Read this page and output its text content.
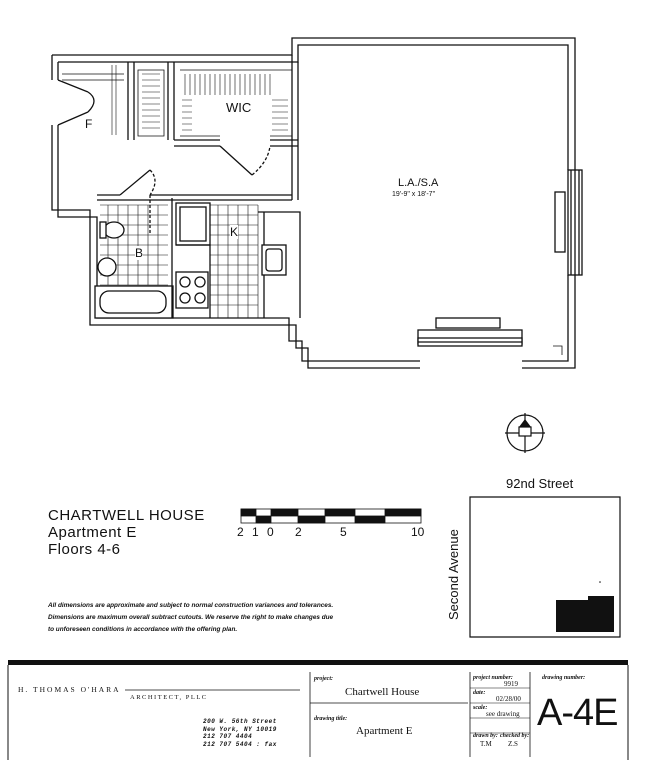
F
WIC
K
B
L.A./S.A
19'-9" x 18'-7"
92nd Street
Second Avenue
CHARTWELL HOUSE
Apartment E
Floors 4-6
2 1 0 2	5	10
All dimensions are approximate and subject to normal construction variances and tolerances.
Dimensions are maximum overall subtract cutouts. We reserve the right to make changes due
to unforeseen conditions in accordance with the offering plan.
H. THOMAS O'HARA
ARCHITECT, PLLC
200 W. 56th Street
New York, NY 10019
212 707 4404
212 707 5404 : fax
project:
Chartwell House
drawing title:
Apartment E
project number:
9919
date:
02/28/00
scale:
see drawing
drawn by:
T.M
checked by:
Z.S
drawing number:
A-4E
